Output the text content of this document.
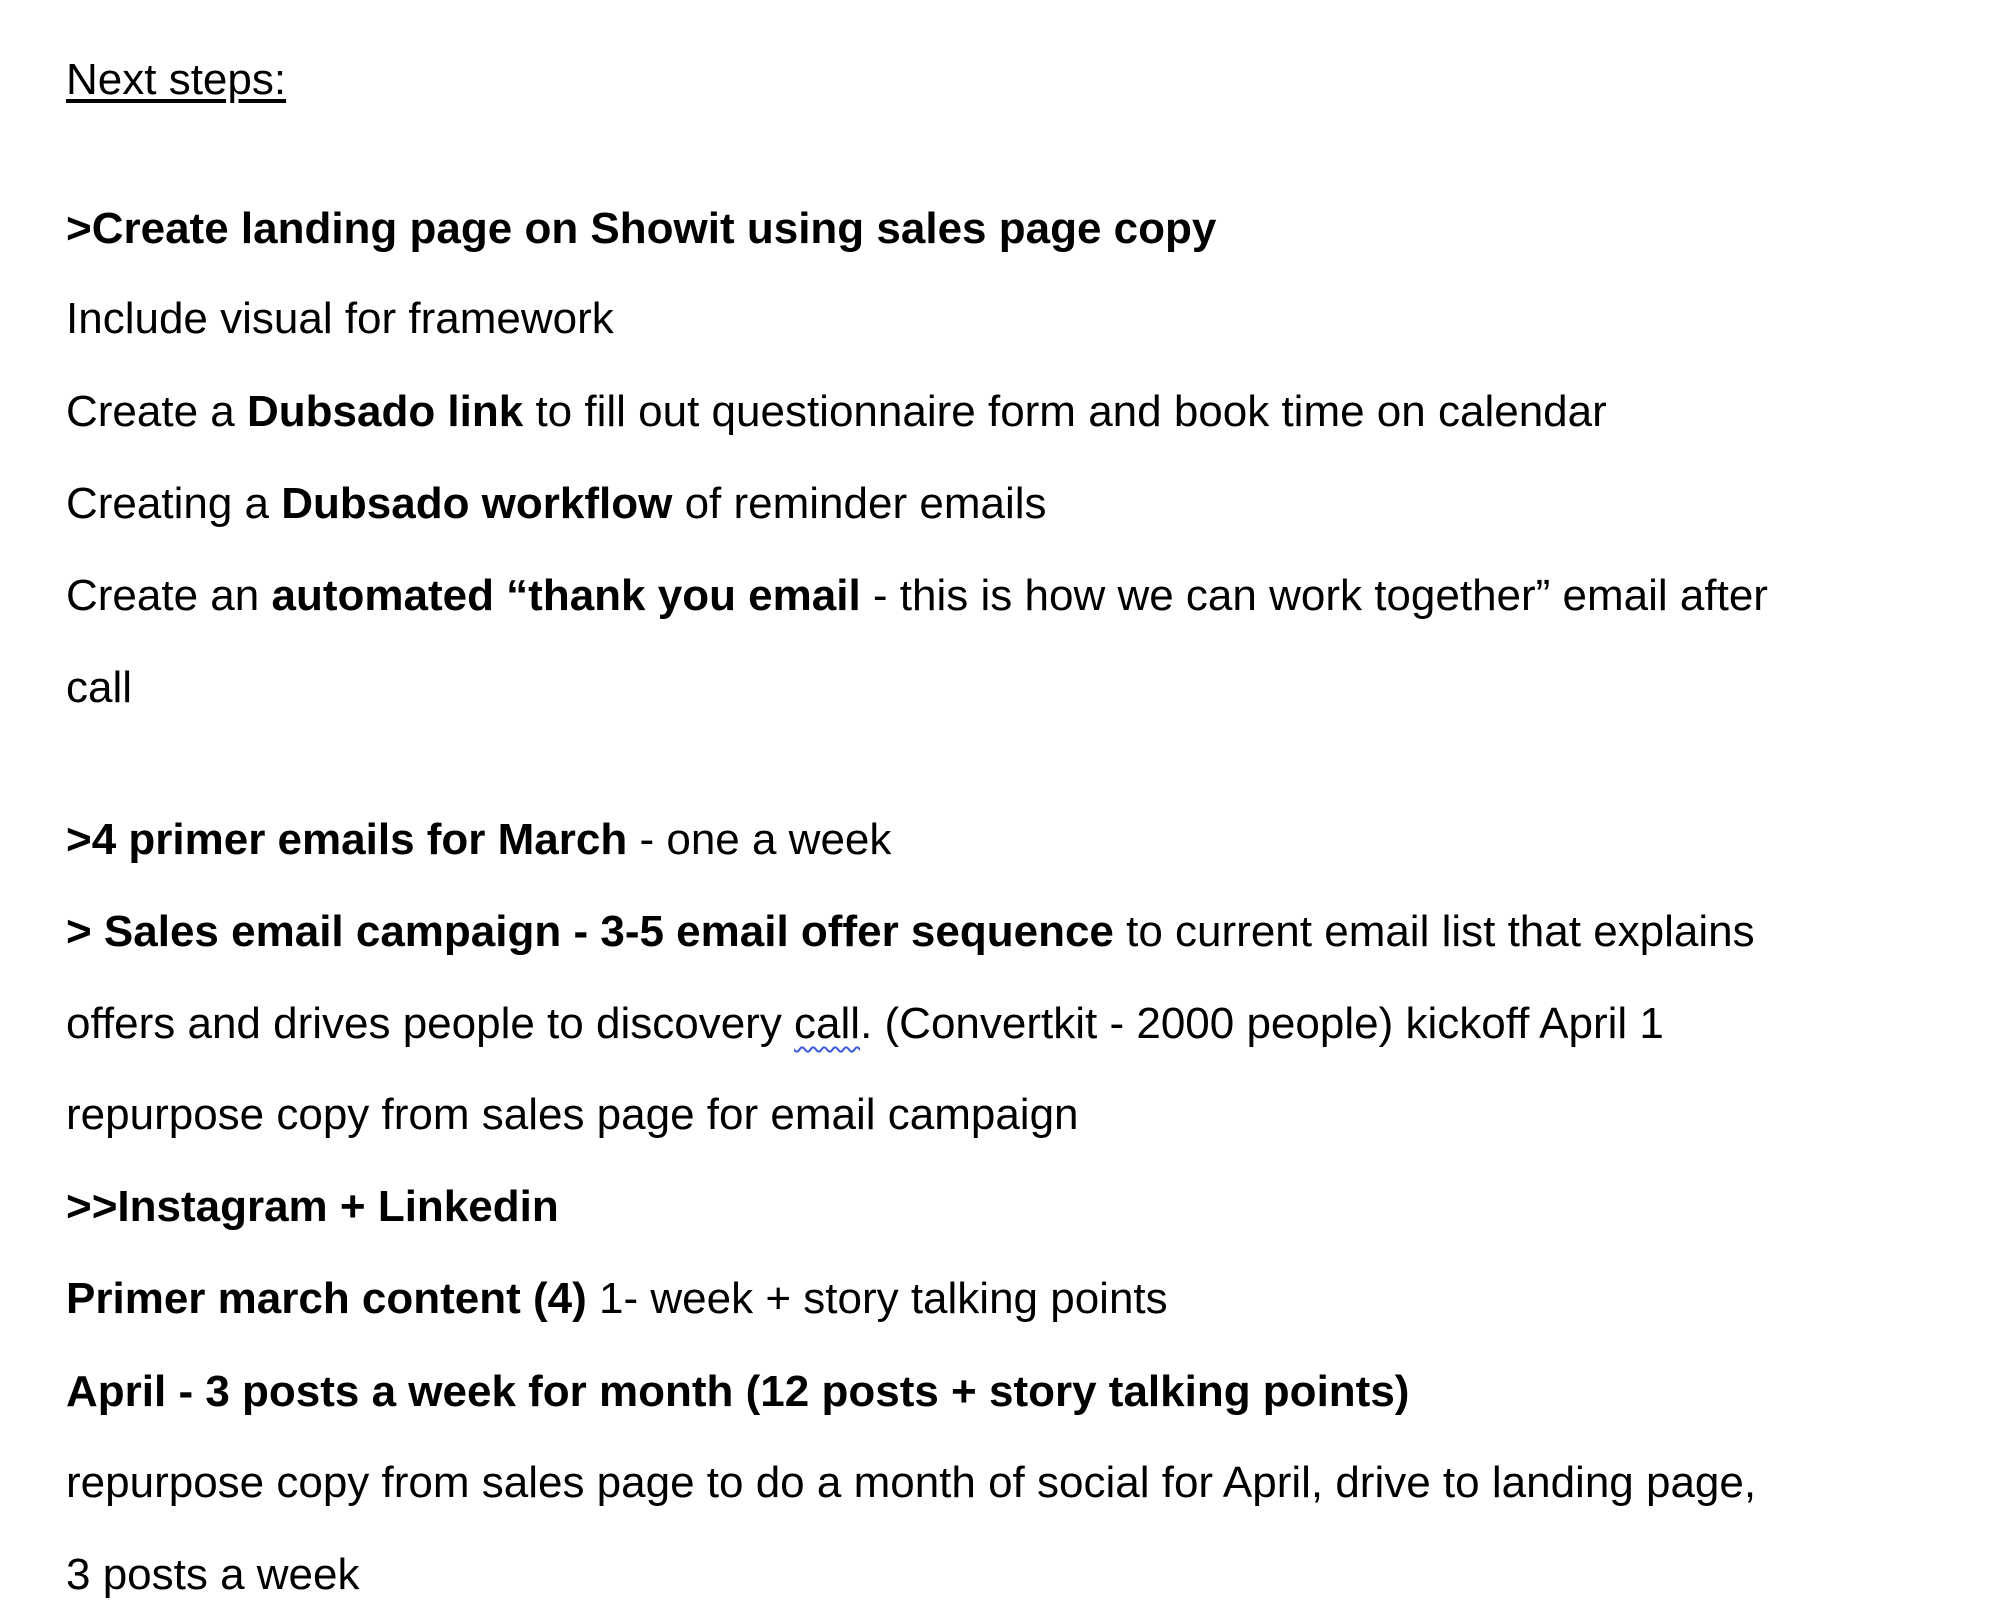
Next steps:
>Create landing page on Showit using sales page copy
Include visual for framework
Create a Dubsado link to fill out questionnaire form and book time on calendar
Creating a Dubsado workflow of reminder emails
Create an automated “thank you email - this is how we can work together” email after
call
>4 primer emails for March - one a week
> Sales email campaign - 3-5 email offer sequence to current email list that explains
offers and drives people to discovery call. (Convertkit - 2000 people) kickoff April 1
repurpose copy from sales page for email campaign
>>Instagram + Linkedin
Primer march content (4) 1- week + story talking points
April - 3 posts a week for month (12 posts + story talking points)
repurpose copy from sales page to do a month of social for April, drive to landing page,
3 posts a week
